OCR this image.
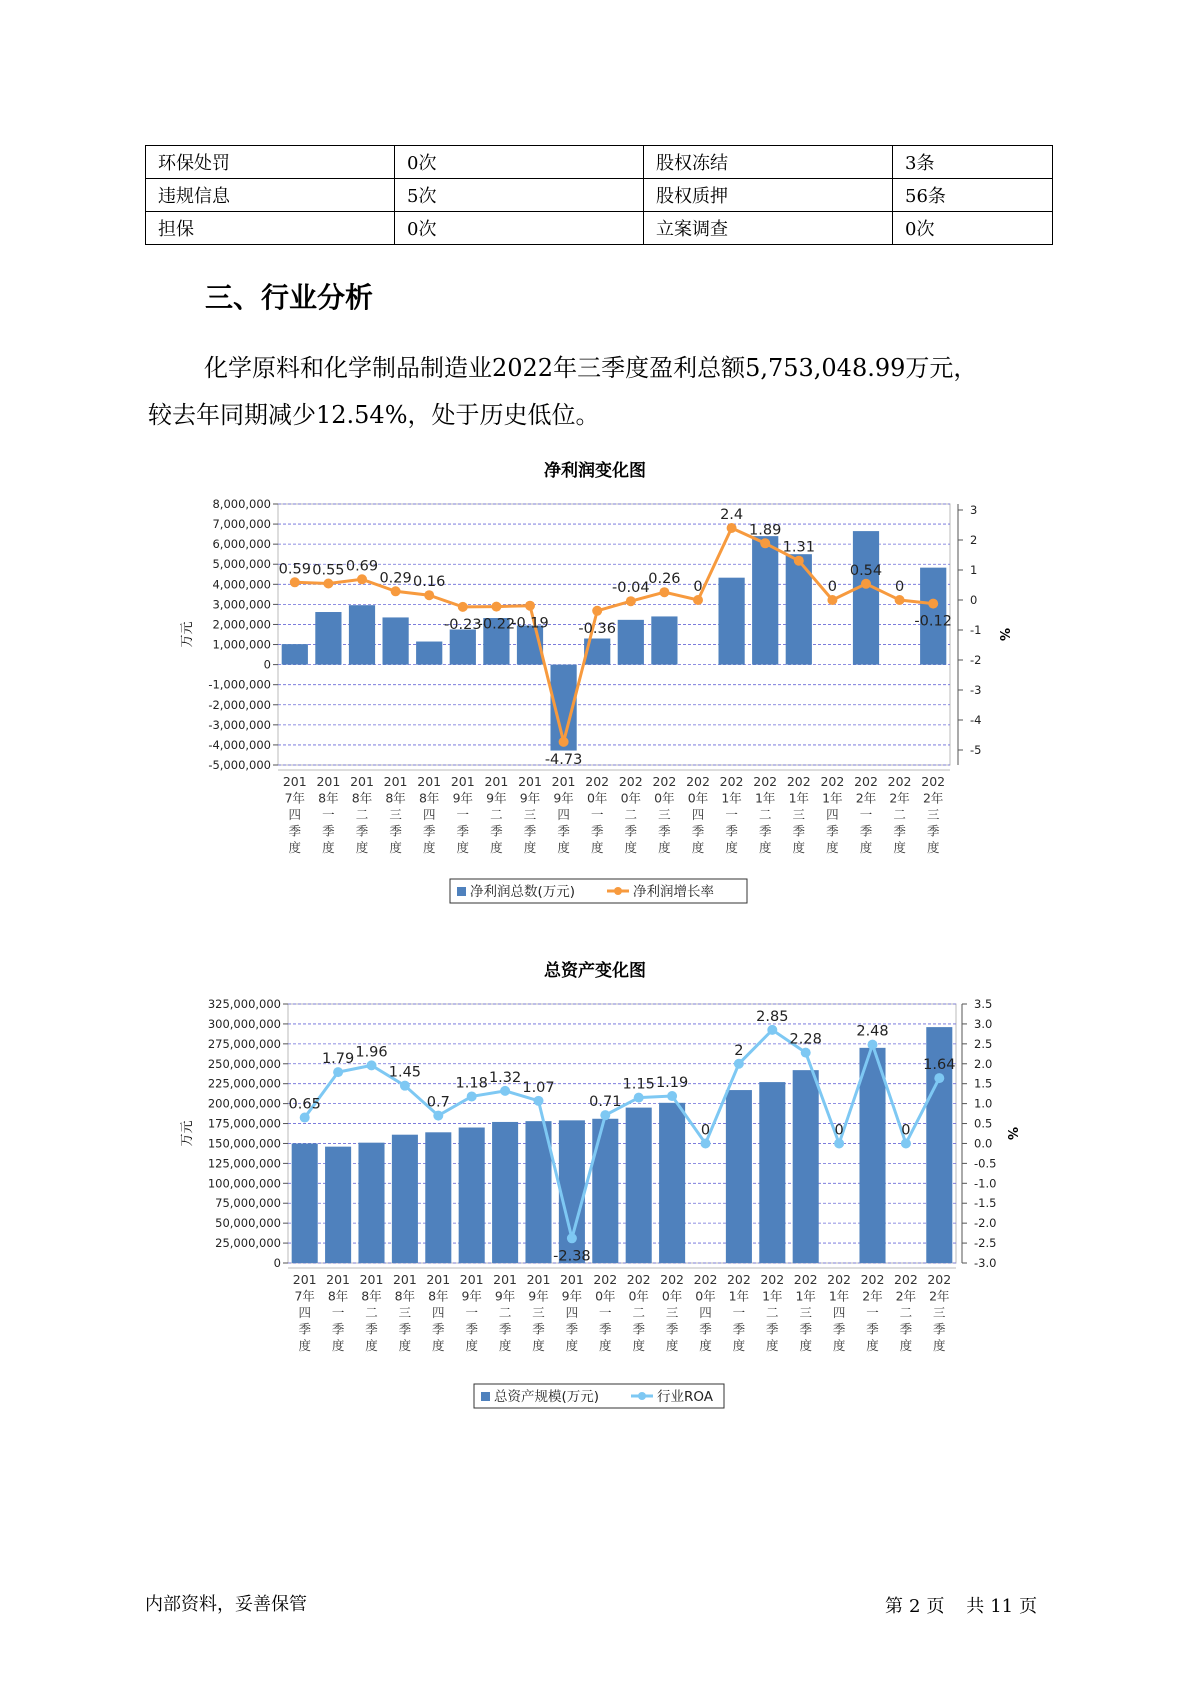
环保处罚	0次	股权冻结	3条
违规信息	5次	股权质押	56条
担保	0次	立案调查	0次
三、行业分析

化学原料和化学制品制造业2022年三季度盈利总额5,753,048.99万元，
较去年同期减少12.54%，处于历史低位。

净利润变化图
8,000,000
7,000,000
6,000,000
5,000,000
4,000,000
3,000,000
2,000,000
1,000,000
0
-1,000,000
-2,000,000
-3,000,000
-4,000,000
-5,000,000
3
2
1
0
-1
-2
-3
-4
-5
万元	%
201 7年四季度
201 8年一季度
201 8年二季度
201 8年三季度
201 8年四季度
201 9年一季度
201 9年二季度
201 9年三季度
201 9年四季度
202 0年一季度
202 0年二季度
202 0年三季度
202 0年四季度
202 1年一季度
202 1年二季度
202 1年三季度
202 1年四季度
202 2年一季度
202 2年二季度
202 2年三季度
0.59 0.55 0.69
0.29 0.16
-0.23
-0.22
-0.19
-4.73
-0.36
-0.04
0.26 0
2.4
1.89
1.31
0
0.54
0
-0.12
净利润总数(万元)	净利润增长率
总资产变化图
325,000,000
300,000,000
275,000,000
250,000,000
225,000,000
200,000,000
175,000,000
150,000,000
125,000,000
100,000,000
75,000,000
50,000,000
25,000,000
0
3.5
3.0
2.5
2.0
1.5
1.0
0.5
0.0
-0.5
-1.0
-1.5
-2.0
-2.5
-3.0
万元	%
201 7年四季度
201 8年一季度
201 8年二季度
201 8年三季度
201 8年四季度
201 9年一季度
201 9年二季度
201 9年三季度
201 9年四季度
202 0年一季度
202 0年二季度
202 0年三季度
202 0年四季度
202 1年一季度
202 1年二季度
202 1年三季度
202 1年四季度
202 2年一季度
202 2年二季度
202 2年三季度
0.65
1.79 1.96
1.45
0.7
1.18 1.32
1.07
-2.38
0.71
1.15 1.19
0
2
2.85
2.28
0
2.48
0
1.64
总资产规模(万元)	行业ROA
内部资料，妥善保管	第 2 页 共 11 页
